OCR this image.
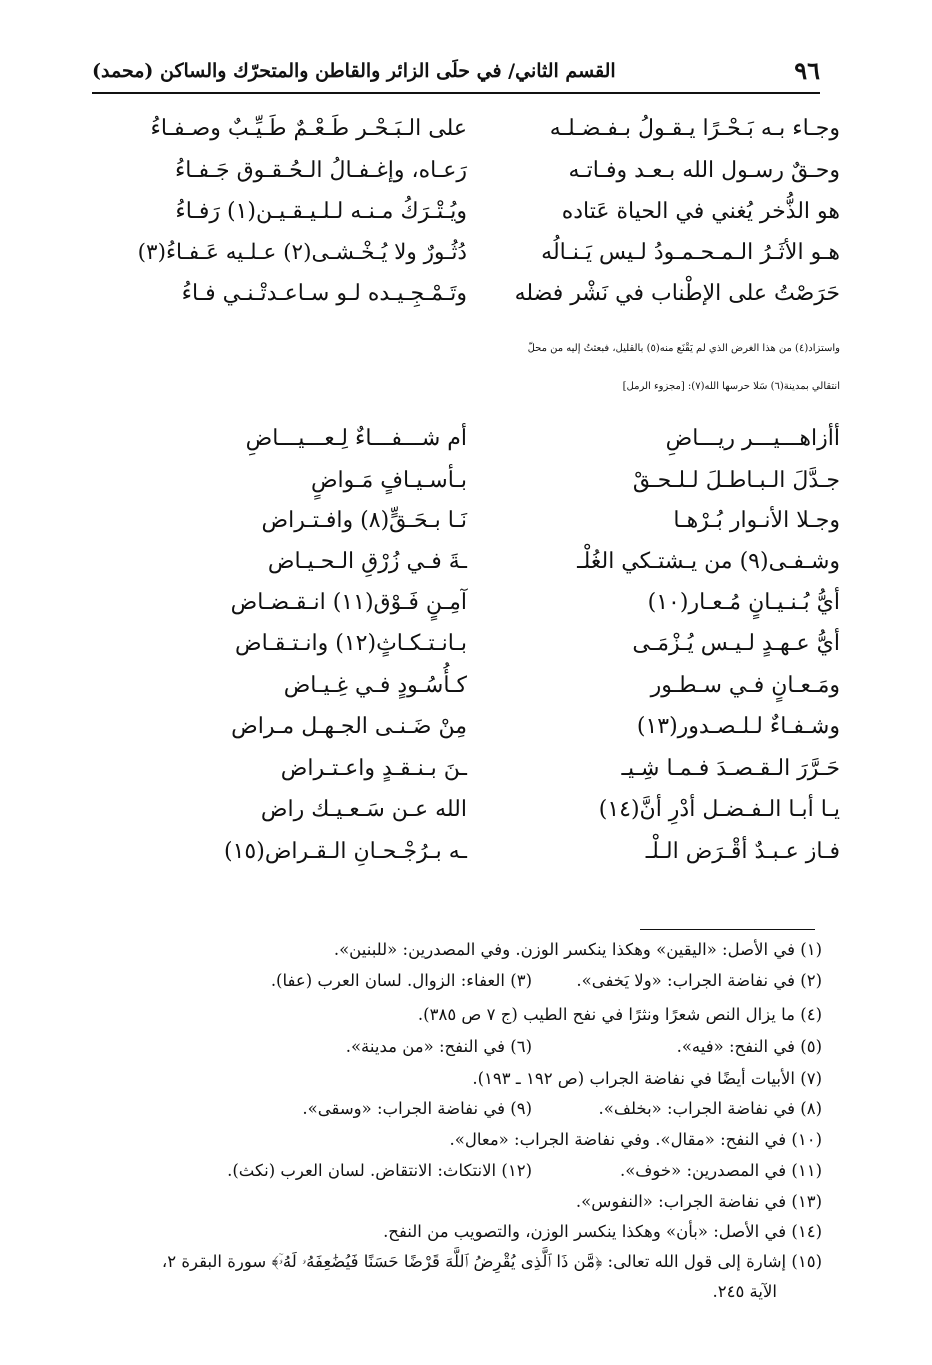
٩٦
القسم الثاني/ في حلَى الزائر والقاطن والمتحرّك والساكن (محمد)
وجـاء بـه بَـحْـرًا يـقـولُ بـفـضـلـه
على الـبَـحْـر طَـعْـمٌ طَـيِّـبٌ وصـفـاءُ
وحـقٌ رسـول الله بـعـد وفـاتـه
رَعـاه، وإغـفـالُ الـحُـقـوق جَـفـاءُ
هو الذُّخر يُغني في الحياة عَتاده
ويُـتْـرَكُ مـنـه لـلـيـقـيـن(١) رَفـاءُ
هـو الأثَـرُ الـمـحـمـودُ لـيس يَـنـالُه
دُثُـورٌ ولا يُـخْـشـى(٢) عـلـيه عَـفـاءُ(٣)
حَرَصْتُ على الإطْناب في نَشْر فضله
وتَـمْـجِـيـده لـو سـاعـدتْـنـي فـاءُ
واستزاد(٤) من هذا الغرض الذي لم يَقْنَع منه(٥) بالقليل، فبعثتُ إليه من محلّ
انتقالي بمدينة(٦) سَلا حرسها الله(٧): [مجزوء الرمل]
أأزاهـــيـــر ريـــاضِ
أم شـــفـــاءٌ لِـعـــيـــاضِ
جـدَّلَ الـبـاطـلَ لـلـحـقْ
بـأسـيـافٍ مَـواضٍ
وجـلا الأنـوار بُـرْهـا
نَـا بـحَـقٍّ(٨) وافـتـراض
وشـفـى(٩) من يـشتـكي الغُلْـ
ـةَ فـي زُرْقِ الـحـيـاض
أيُّ بُـنـيـانٍ مُـعـار(١٠)
آمِـنٍ فَـوْق(١١) انـقـضـاض
أيُّ عـهـدٍ لـيـس يُـزْمَـى
بـانـتـكـاثٍ(١٢) وانـتـقـاض
ومَـعـانٍ فـي سـطـور
كـأُسُـودٍ فـي غِـيـاض
وشـفـاءٌ لـلـصـدور(١٣)
مِنْ ضَـنـى الجـهـل مـراض
حَـرَّرَ الـقـصـدَ فـمـا شِـيـ
ـنَ بـنـقـدٍ واعـتـراض
يـا أبـا الـفـضـل أدْرِ أنَّ(١٤)
الله عـن سَـعـيـك راض
فـاز عـبـدٌ أقْـرَض الـلْـ
ـه بـرُجْـحـانِ الـقـراض(١٥)
(١) في الأصل: «اليقين» وهكذا ينكسر الوزن. وفي المصدرين: «للبنين».
(٢) في نفاضة الجراب: «ولا يَخفى».
(٣) العفاء: الزوال. لسان العرب (عفا).
(٤) ما يزال النص شعرًا ونثرًا في نفح الطيب (ج ٧ ص ٣٨٥).
(٥) في النفح: «فيه».
(٦) في النفح: «من مدينة».
(٧) الأبيات أيضًا في نفاضة الجراب (ص ١٩٢ ـ ١٩٣).
(٨) في نفاضة الجراب: «بخلف».
(٩) في نفاضة الجراب: «وسقى».
(١٠) في النفح: «مقال». وفي نفاضة الجراب: «معال».
(١١) في المصدرين: «خوف».
(١٢) الانتكاث: الانتقاض. لسان العرب (نكث).
(١٣) في نفاضة الجراب: «النفوس».
(١٤) في الأصل: «بأن» وهكذا ينكسر الوزن، والتصويب من النفح.
(١٥) إشارة إلى قول الله تعالى: ﴿مَّن ذَا ٱلَّذِى يُقْرِضُ ٱللَّهَ قَرْضًا حَسَنًا فَيُضَٰعِفَهُۥ لَهُۥٓ﴾ سورة البقرة ٢،
الآية ٢٤٥.
